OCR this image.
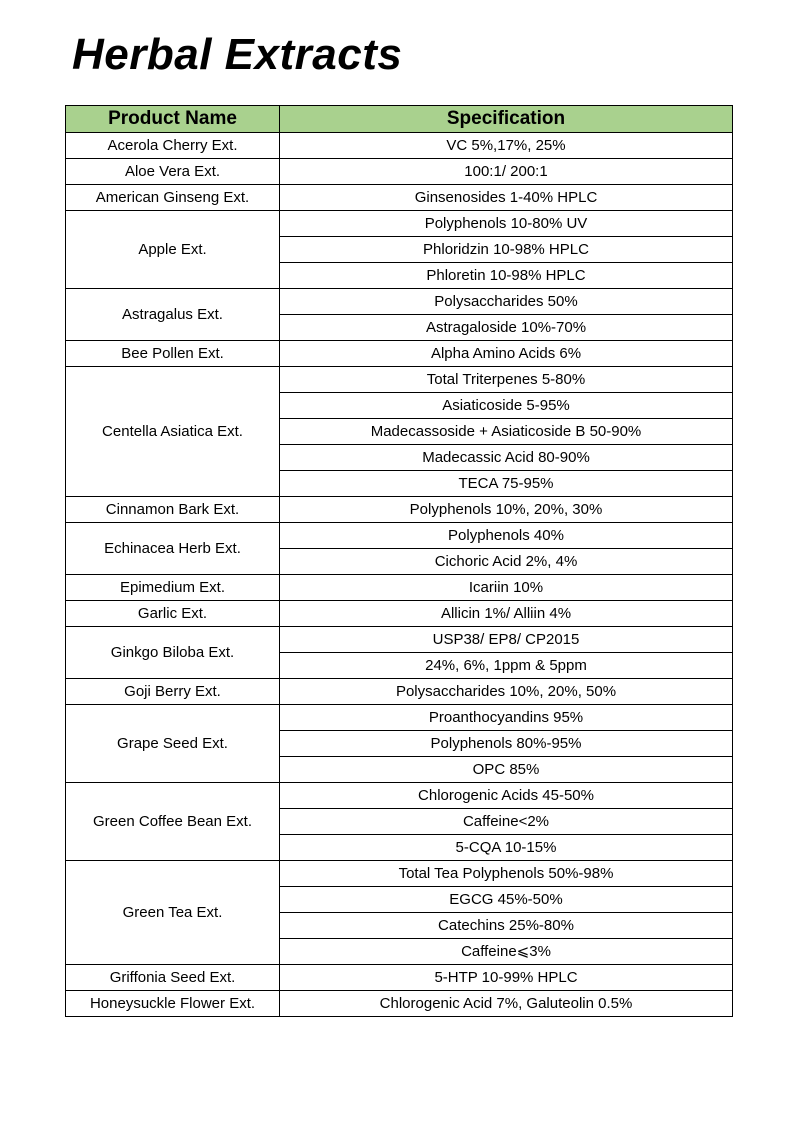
Herbal Extracts
Product Name	Specification
Acerola Cherry Ext.	VC 5%,17%, 25%
Aloe Vera Ext.	100:1/ 200:1
American Ginseng Ext.	Ginsenosides 1-40% HPLC
Apple Ext.	Polyphenols 10-80% UV
	Phloridzin 10-98% HPLC
	Phloretin 10-98% HPLC
Astragalus Ext.	Polysaccharides 50%
	Astragaloside 10%-70%
Bee Pollen Ext.	Alpha Amino Acids 6%
Centella Asiatica Ext.	Total Triterpenes 5-80%
	Asiaticoside 5-95%
	Madecassoside + Asiaticoside B 50-90%
	Madecassic Acid 80-90%
	TECA 75-95%
Cinnamon Bark Ext.	Polyphenols 10%, 20%, 30%
Echinacea Herb Ext.	Polyphenols 40%
	Cichoric Acid 2%, 4%
Epimedium Ext.	Icariin 10%
Garlic Ext.	Allicin 1%/ Alliin 4%
Ginkgo Biloba Ext.	USP38/ EP8/ CP2015
	24%, 6%, 1ppm & 5ppm
Goji Berry Ext.	Polysaccharides 10%, 20%, 50%
Grape Seed Ext.	Proanthocyandins 95%
	Polyphenols 80%-95%
	OPC 85%
Green Coffee Bean Ext.	Chlorogenic Acids 45-50%
	Caffeine<2%
	5-CQA 10-15%
Green Tea Ext.	Total Tea Polyphenols 50%-98%
	EGCG 45%-50%
	Catechins 25%-80%
	Caffeine⩽3%
Griffonia Seed Ext.	5-HTP 10-99% HPLC
Honeysuckle Flower Ext.	Chlorogenic Acid 7%, Galuteolin 0.5%
